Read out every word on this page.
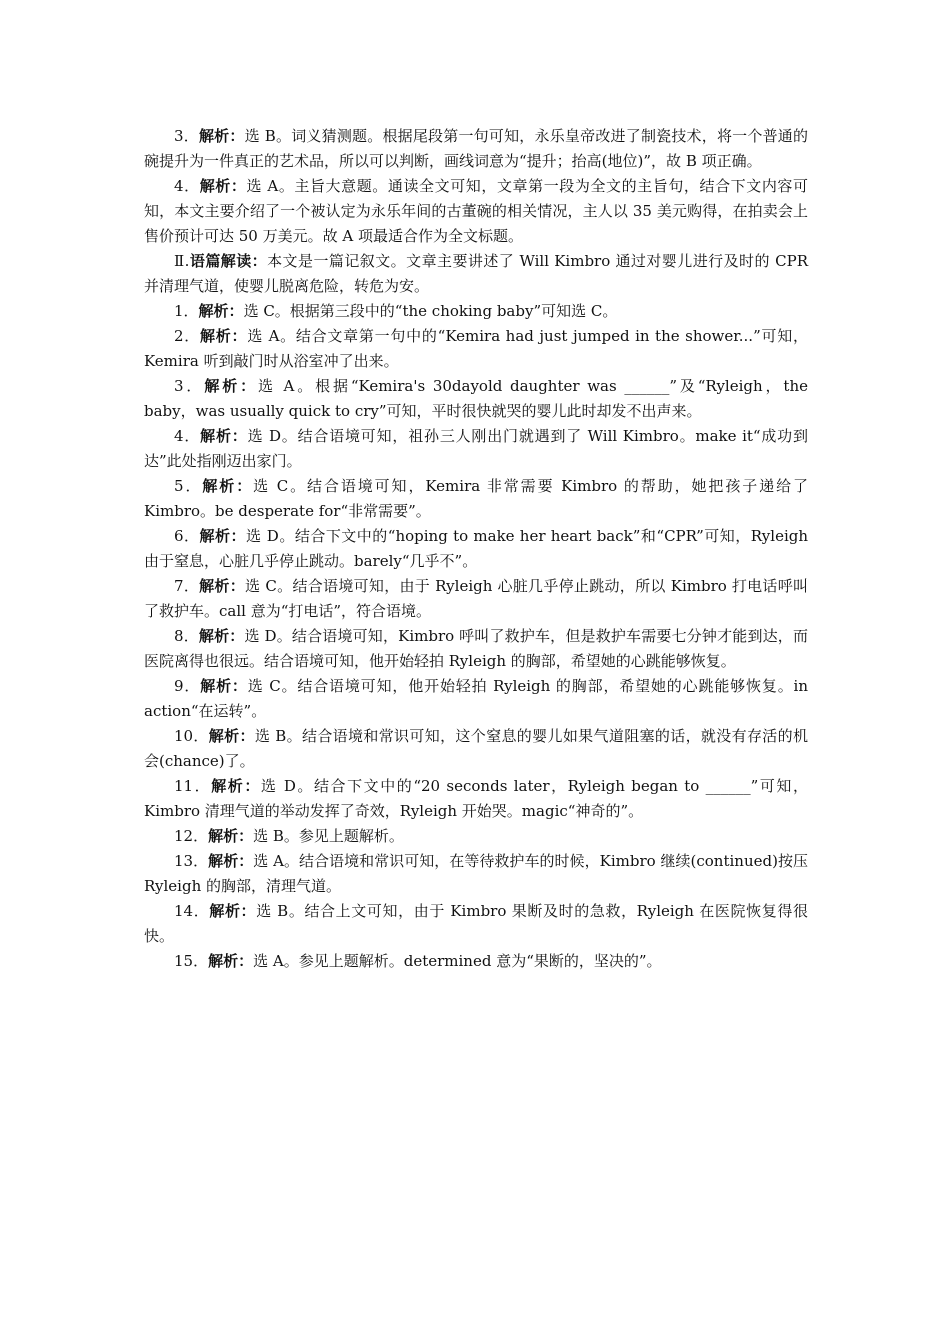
3．解析：选 B。词义猜测题。根据尾段第一句可知，永乐皇帝改进了制瓷技术，将一个普通的碗提升为一件真正的艺术品，所以可以判断，画线词意为“提升；抬高(地位)”，故 B 项正确。

4．解析：选 A。主旨大意题。通读全文可知，文章第一段为全文的主旨句，结合下文内容可知，本文主要介绍了一个被认定为永乐年间的古董碗的相关情况，主人以 35 美元购得，在拍卖会上售价预计可达 50 万美元。故 A 项最适合作为全文标题。

Ⅱ.语篇解读：本文是一篇记叙文。文章主要讲述了 Will Kimbro 通过对婴儿进行及时的 CPR 并清理气道，使婴儿脱离危险，转危为安。

1．解析：选 C。根据第三段中的“the choking baby”可知选 C。

2．解析：选 A。结合文章第一句中的“Kemira had just jumped in the shower...”可知，Kemira 听到敲门时从浴室冲了出来。

3．解析：选 A。根据“Kemira's 30dayold daughter was ______”及“Ryleigh，the baby，was usually quick to cry”可知，平时很快就哭的婴儿此时却发不出声来。

4．解析：选 D。结合语境可知，祖孙三人刚出门就遇到了 Will Kimbro。make it“成功到达”此处指刚迈出家门。

5．解析：选 C。结合语境可知，Kemira 非常需要 Kimbro 的帮助，她把孩子递给了 Kimbro。be desperate for“非常需要”。

6．解析：选 D。结合下文中的“hoping to make her heart back”和“CPR”可知，Ryleigh 由于窒息，心脏几乎停止跳动。barely“几乎不”。

7．解析：选 C。结合语境可知，由于 Ryleigh 心脏几乎停止跳动，所以 Kimbro 打电话呼叫了救护车。call 意为“打电话”，符合语境。

8．解析：选 D。结合语境可知，Kimbro 呼叫了救护车，但是救护车需要七分钟才能到达，而医院离得也很远。结合语境可知，他开始轻拍 Ryleigh 的胸部，希望她的心跳能够恢复。

9．解析：选 C。结合语境可知，他开始轻拍 Ryleigh 的胸部，希望她的心跳能够恢复。in action“在运转”。

10．解析：选 B。结合语境和常识可知，这个窒息的婴儿如果气道阻塞的话，就没有存活的机会(chance)了。

11．解析：选 D。结合下文中的“20 seconds later，Ryleigh began to ______”可知，Kimbro 清理气道的举动发挥了奇效，Ryleigh 开始哭。magic“神奇的”。

12．解析：选 B。参见上题解析。

13．解析：选 A。结合语境和常识可知，在等待救护车的时候，Kimbro 继续(continued)按压 Ryleigh 的胸部，清理气道。

14．解析：选 B。结合上文可知，由于 Kimbro 果断及时的急救，Ryleigh 在医院恢复得很快。

15．解析：选 A。参见上题解析。determined 意为“果断的，坚决的”。
